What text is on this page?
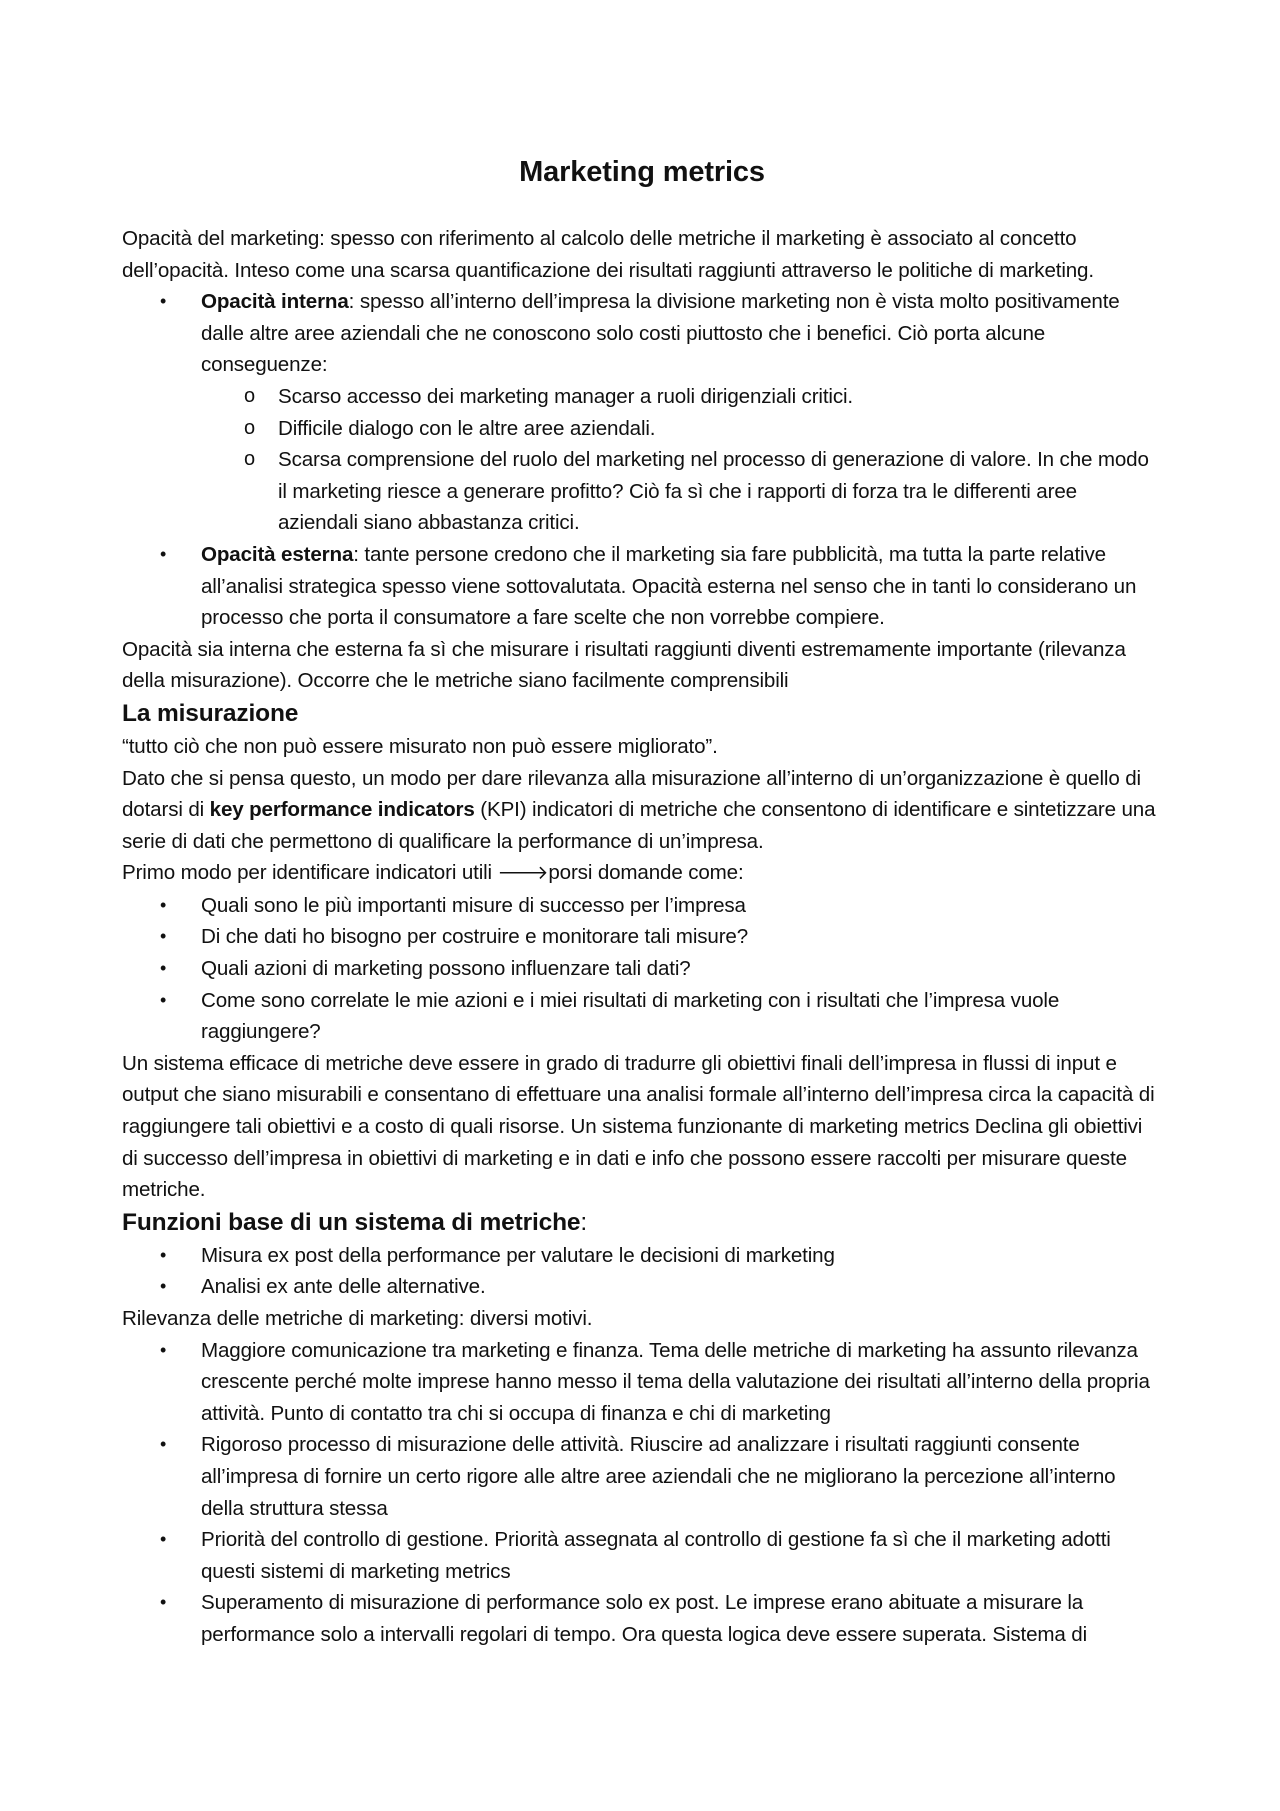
Marketing metrics

Opacità del marketing: spesso con riferimento al calcolo delle metriche il marketing è associato al concetto dell’opacità. Inteso come una scarsa quantificazione dei risultati raggiunti attraverso le politiche di marketing.

• Opacità interna: spesso all’interno dell’impresa la divisione marketing non è vista molto positivamente dalle altre aree aziendali che ne conoscono solo costi piuttosto che i benefici. Ciò porta alcune conseguenze:
o Scarso accesso dei marketing manager a ruoli dirigenziali critici.
o Difficile dialogo con le altre aree aziendali.
o Scarsa comprensione del ruolo del marketing nel processo di generazione di valore. In che modo il marketing riesce a generare profitto? Ciò fa sì che i rapporti di forza tra le differenti aree aziendali siano abbastanza critici.
• Opacità esterna: tante persone credono che il marketing sia fare pubblicità, ma tutta la parte relative all’analisi strategica spesso viene sottovalutata. Opacità esterna nel senso che in tanti lo considerano un processo che porta il consumatore a fare scelte che non vorrebbe compiere.

Opacità sia interna che esterna fa sì che misurare i risultati raggiunti diventi estremamente importante (rilevanza della misurazione). Occorre che le metriche siano facilmente comprensibili

La misurazione

“tutto ciò che non può essere misurato non può essere migliorato”.

Dato che si pensa questo, un modo per dare rilevanza alla misurazione all’interno di un’organizzazione è quello di dotarsi di key performance indicators (KPI) indicatori di metriche che consentono di identificare e sintetizzare una serie di dati che permettono di qualificare la performance di un’impresa.

Primo modo per identificare indicatori utili 🡒porsi domande come:

• Quali sono le più importanti misure di successo per l’impresa
• Di che dati ho bisogno per costruire e monitorare tali misure?
• Quali azioni di marketing possono influenzare tali dati?
• Come sono correlate le mie azioni e i miei risultati di marketing con i risultati che l’impresa vuole raggiungere?

Un sistema efficace di metriche deve essere in grado di tradurre gli obiettivi finali dell’impresa in flussi di input e output che siano misurabili e consentano di effettuare una analisi formale all’interno dell’impresa circa la capacità di raggiungere tali obiettivi e a costo di quali risorse. Un sistema funzionante di marketing metrics Declina gli obiettivi di successo dell’impresa in obiettivi di marketing e in dati e info che possono essere raccolti per misurare queste metriche.

Funzioni base di un sistema di metriche:
• Misura ex post della performance per valutare le decisioni di marketing
• Analisi ex ante delle alternative.

Rilevanza delle metriche di marketing: diversi motivi.

• Maggiore comunicazione tra marketing e finanza. Tema delle metriche di marketing ha assunto rilevanza crescente perché molte imprese hanno messo il tema della valutazione dei risultati all’interno della propria attività. Punto di contatto tra chi si occupa di finanza e chi di marketing
• Rigoroso processo di misurazione delle attività. Riuscire ad analizzare i risultati raggiunti consente all’impresa di fornire un certo rigore alle altre aree aziendali che ne migliorano la percezione all’interno della struttura stessa
• Priorità del controllo di gestione. Priorità assegnata al controllo di gestione fa sì che il marketing adotti questi sistemi di marketing metrics
• Superamento di misurazione di performance solo ex post. Le imprese erano abituate a misurare la performance solo a intervalli regolari di tempo. Ora questa logica deve essere superata. Sistema di
